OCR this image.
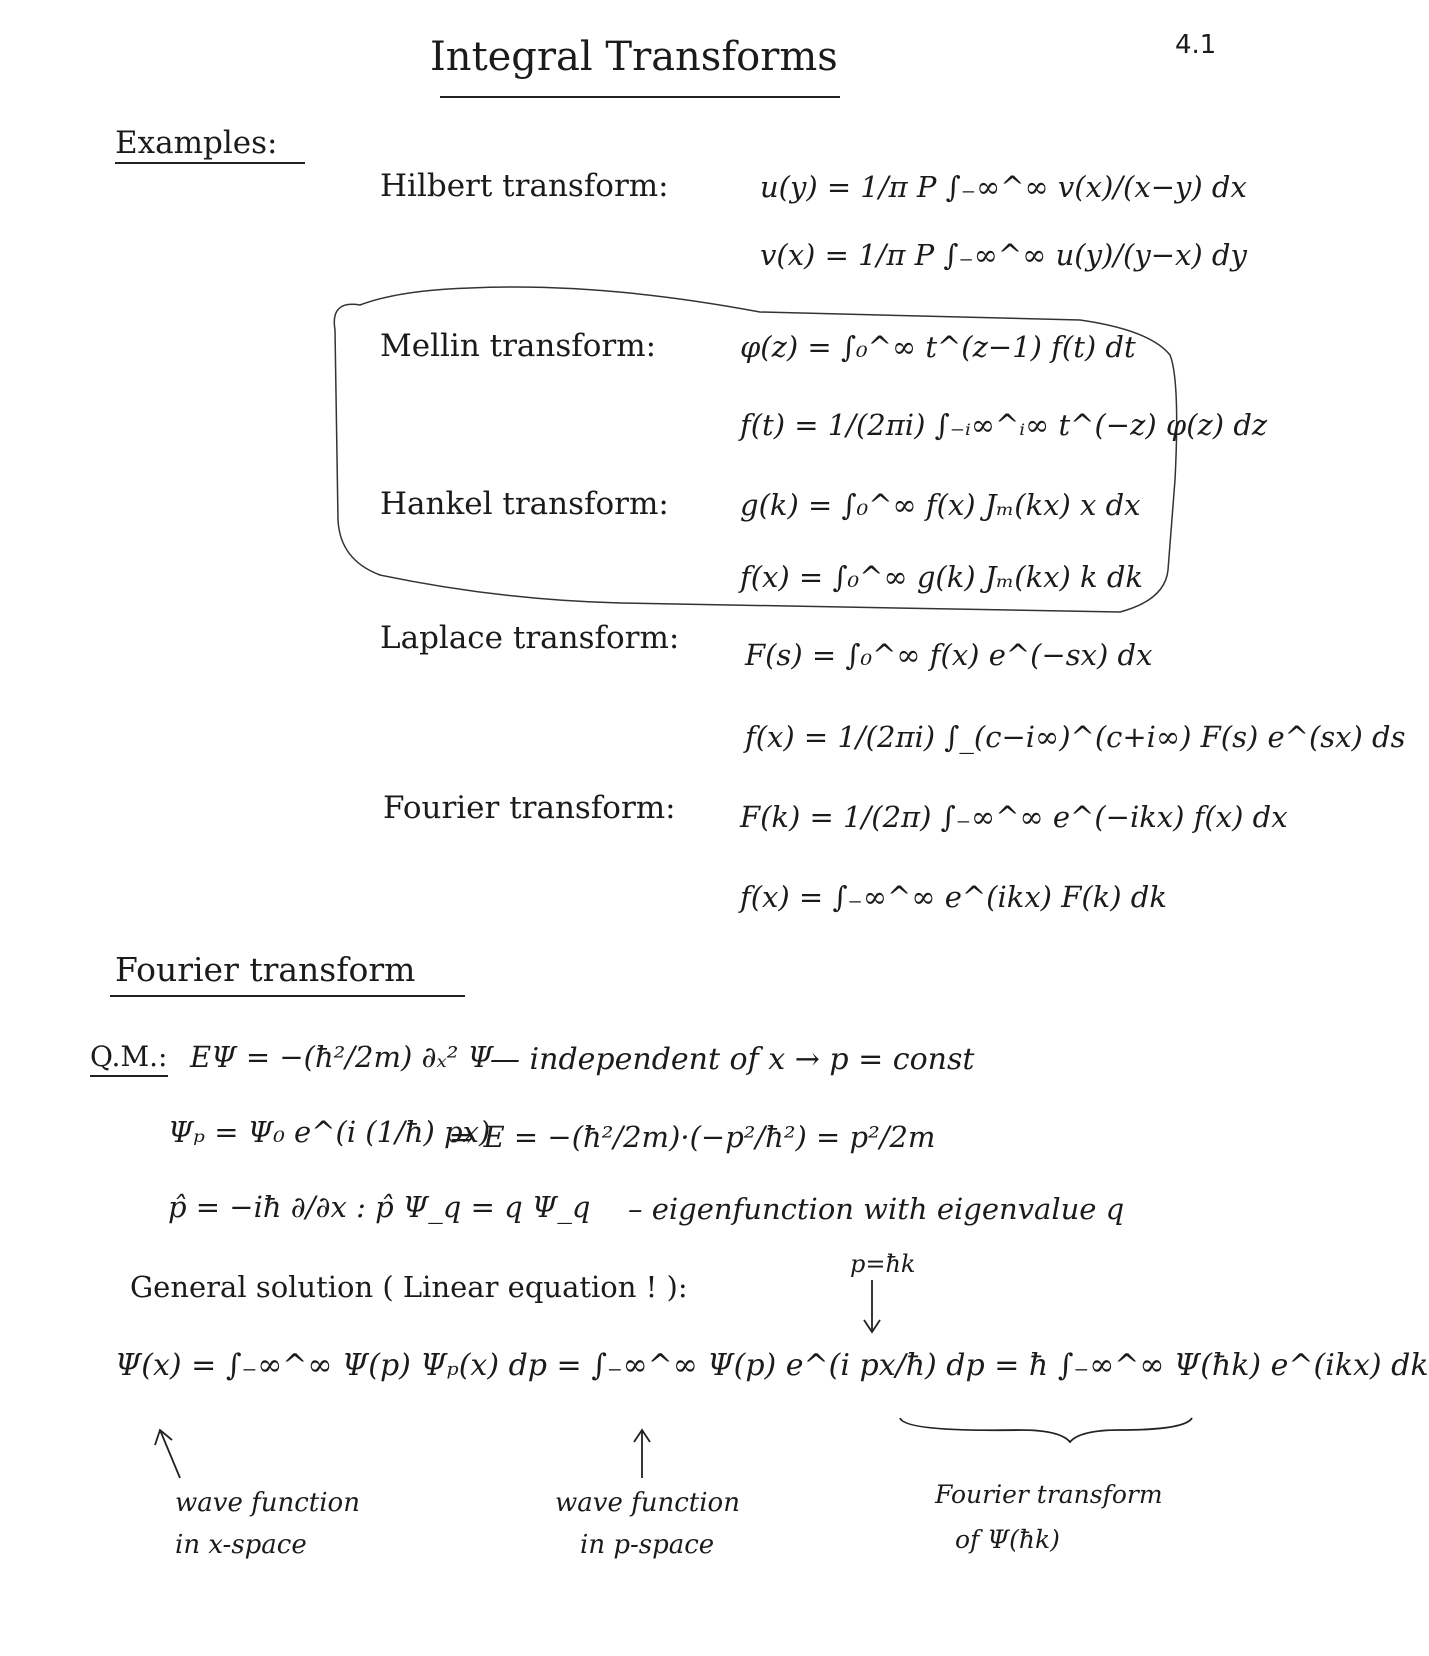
Integral Transforms	4.1
Examples:
Hilbert transform:	u(y) = 1/π P ∫₋∞^∞ v(x)/(x−y) dx
v(x) = 1/π P ∫₋∞^∞ u(y)/(y−x) dy
Mellin transform:	φ(z) = ∫₀^∞ t^(z−1) f(t) dt
f(t) = 1/(2πi) ∫₋ᵢ∞^ᵢ∞ t^(−z) φ(z) dz
Hankel transform: g(k) = ∫₀^∞ f(x) Jₘ(kx) x dx
f(x) = ∫₀^∞ g(k) Jₘ(kx) k dk
Laplace transform: F(s) = ∫₀^∞ f(x) e^(−sx) dx
f(x) = 1/(2πi) ∫_(c−i∞)^(c+i∞) F(s) e^(sx) ds
Fourier transform: F(k) = 1/(2π) ∫₋∞^∞ e^(−ikx) f(x) dx
f(x) = ∫₋∞^∞ e^(ikx) F(k) dk
Fourier transform
Q.M.: EΨ = −(ħ²/2m) ∂ₓ² Ψ
— independent of x → p = const
Ψₚ = Ψ₀ e^(i (1/ħ) px)
⇒ E = −(ħ²/2m)·(−p²/ħ²) = p²/2m
p̂ = −iħ ∂/∂x : p̂ Ψ_q = q Ψ_q – eigenfunction with eigenvalue q
General solution ( Linear equation ! ):
p=ħk
Ψ(x) = ∫₋∞^∞ Ψ(p) Ψₚ(x) dp = ∫₋∞^∞ Ψ(p) e^(i px/ħ) dp = ħ ∫₋∞^∞ Ψ(ħk) e^(ikx) dk
wave function
in x-space
wave function
in p-space
Fourier transform
of Ψ(ħk)
